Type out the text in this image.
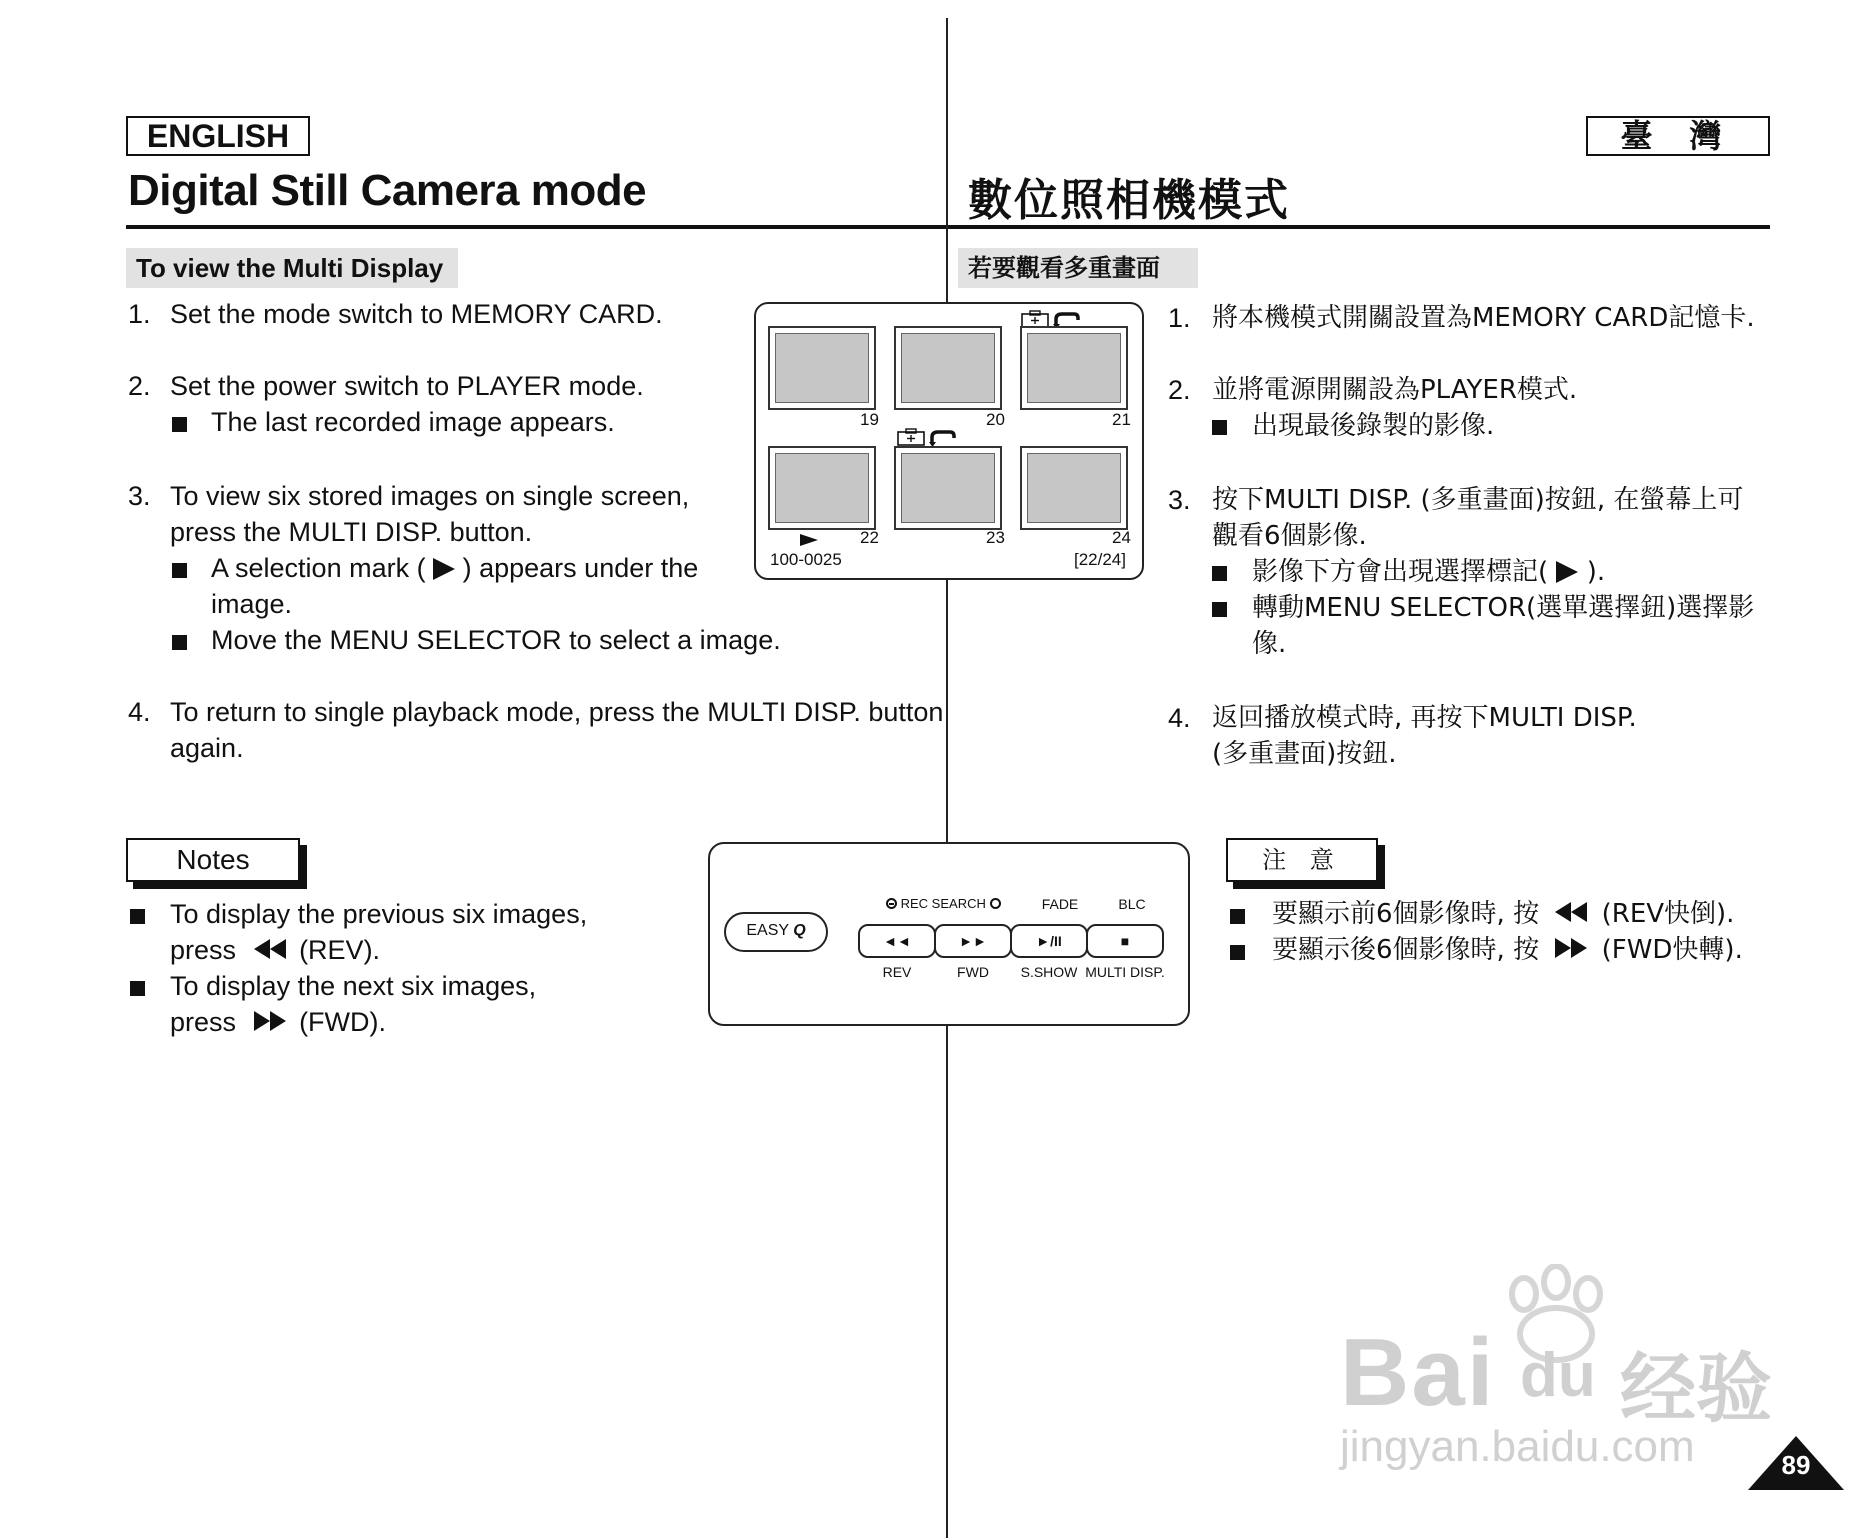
ENGLISH	臺 灣
Digital Still Camera mode	數位照相機模式
To view the Multi Display
1. Set the mode switch to MEMORY CARD.
2. Set the power switch to PLAYER mode.
The last recorded image appears.
3. To view six stored images on single screen,
press the MULTI DISP. button.
A selection mark ( ) appears under the
image.
Move the MENU SELECTOR to select a image.
4. To return to single playback mode, press the MULTI DISP. button
again.
Notes
To display the previous six images,
press (REV).
To display the next six images,
press (FWD).
19	20	21
22	23	24
100-0025	[22/24]
EASY Q
REC SEARCH	FADE	BLC
◄◄	►►	►/II	■
REV	FWD	S.SHOW MULTI DISP.
若要觀看多重畫面
1. 將本機模式開關設置為MEMORY CARD記憶卡.
2. 並將電源開關設為PLAYER模式.
出現最後錄製的影像.
3. 按下MULTI DISP. (多重畫面)按鈕, 在螢幕上可
觀看6個影像.
影像下方會出現選擇標記( ).
轉動MENU SELECTOR(選單選擇鈕)選擇影
像.
4. 返回播放模式時, 再按下MULTI DISP.
(多重畫面)按鈕.
注 意
要顯示前6個影像時, 按 (REV快倒).
要顯示後6個影像時, 按 (FWD快轉).
Bai du 经验
jingyan.baidu.com	89
